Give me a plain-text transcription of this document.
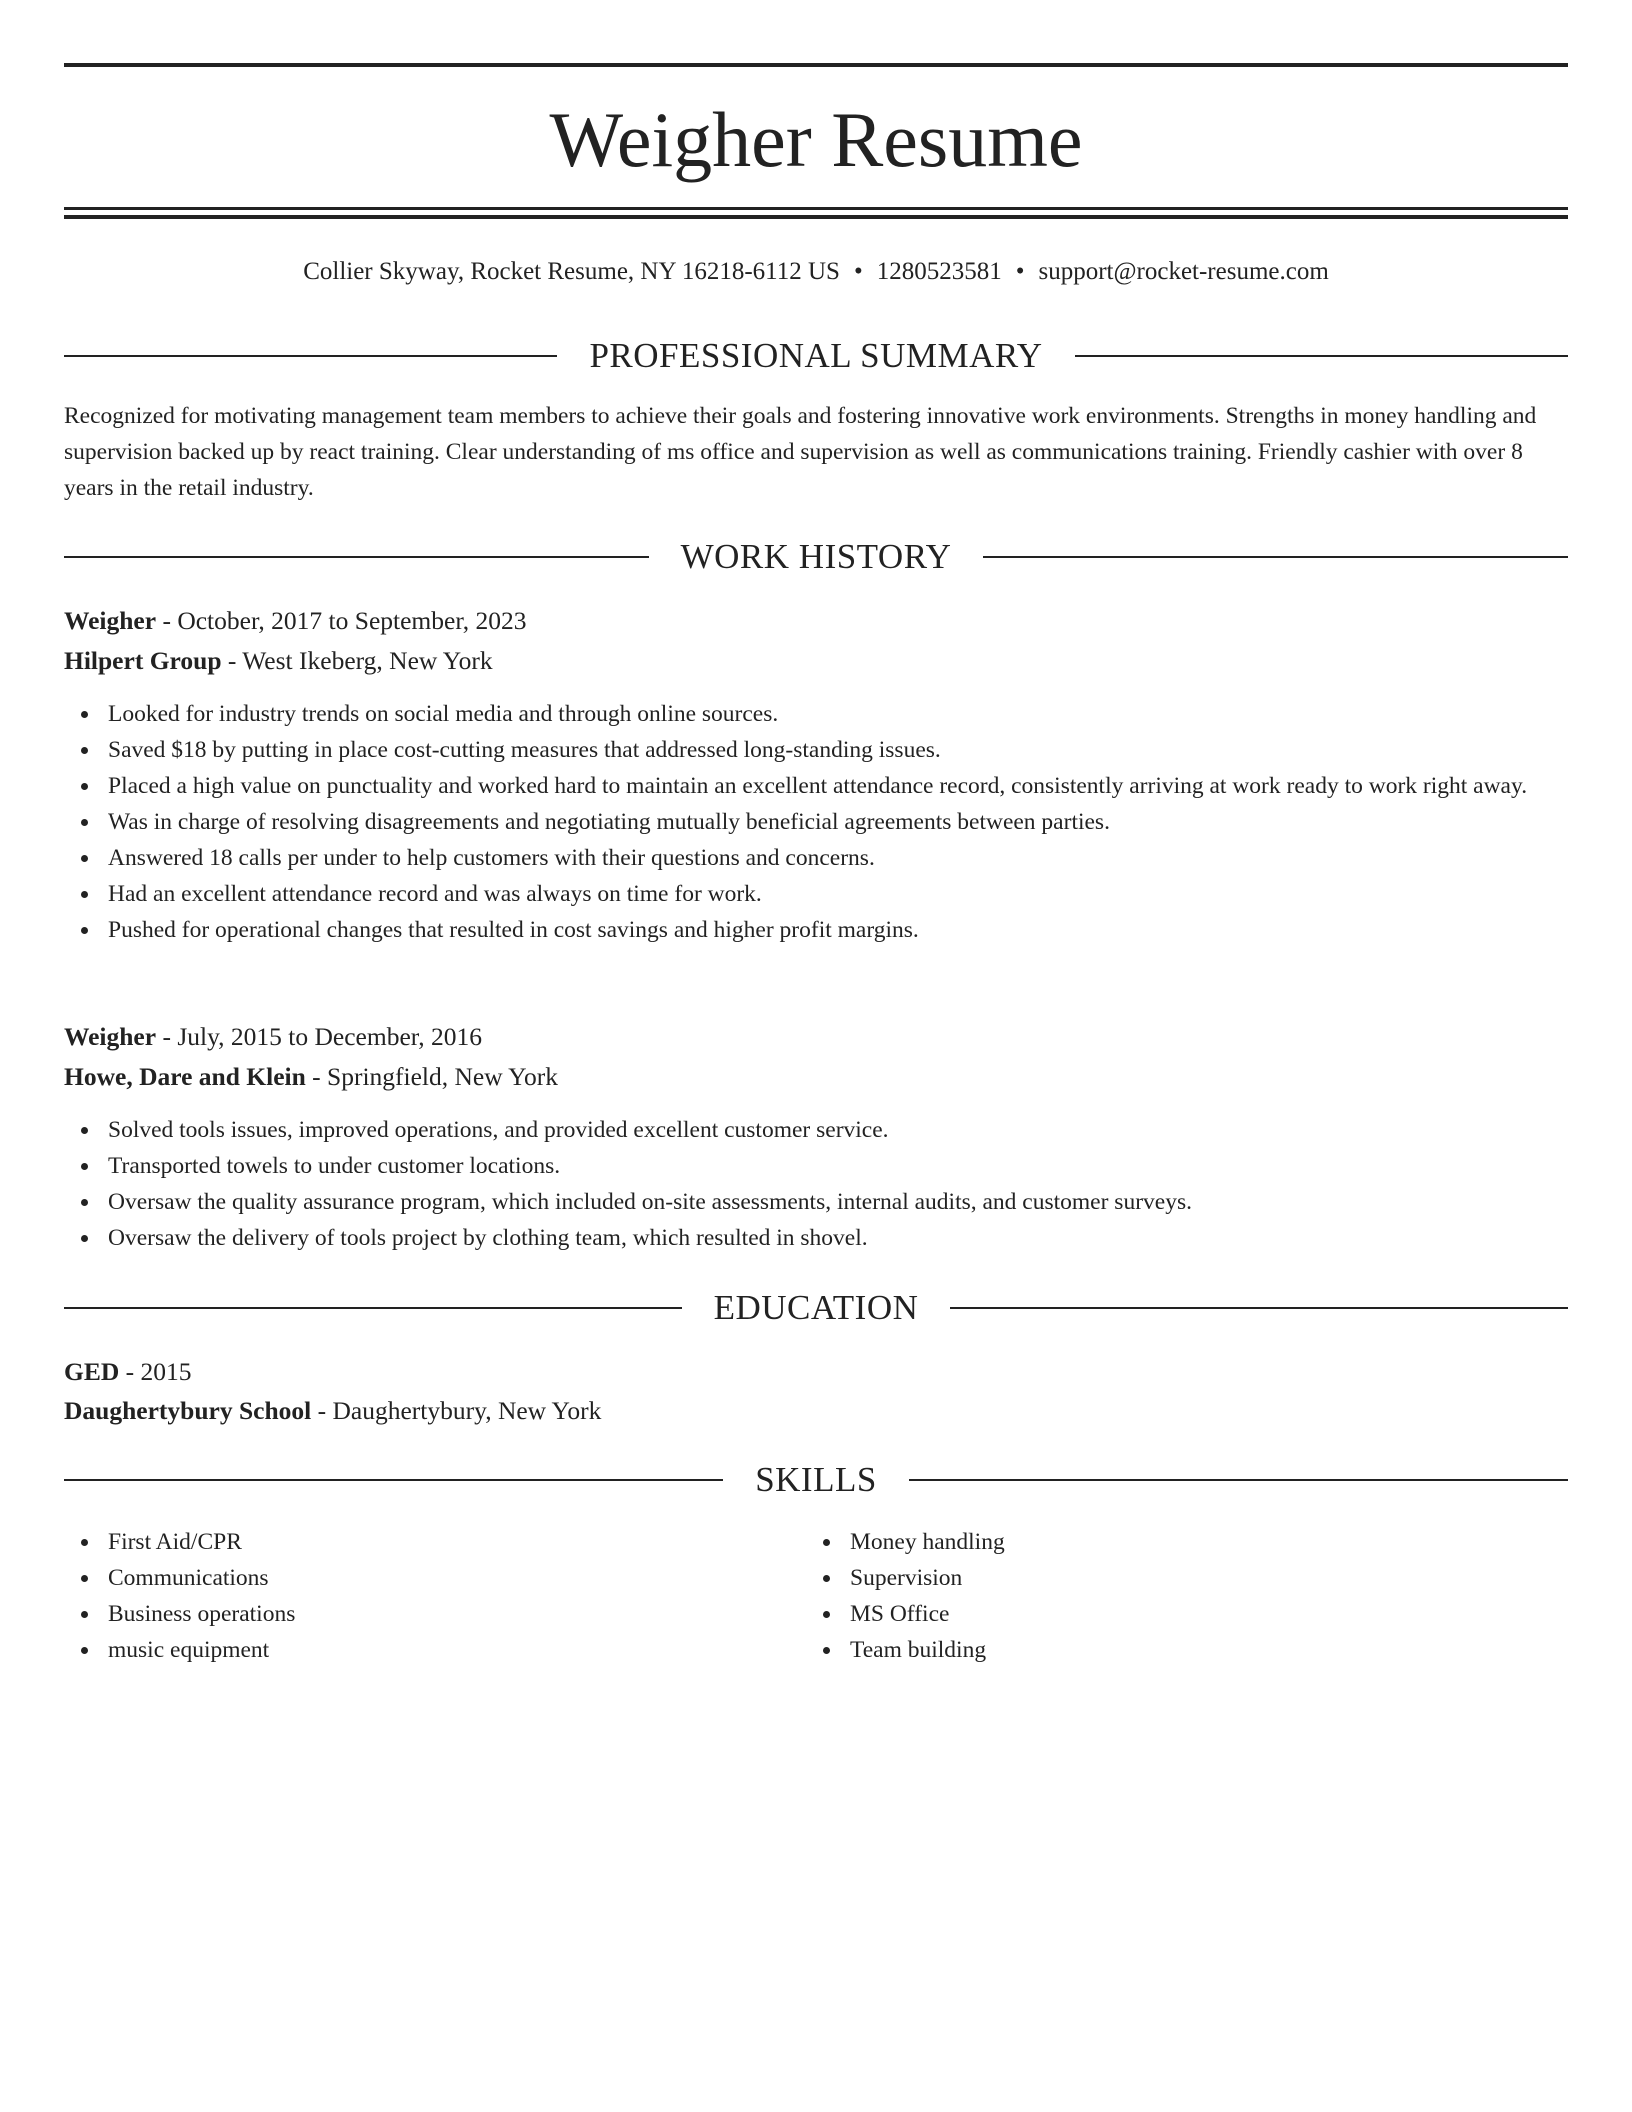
Weigher Resume
Collier Skyway, Rocket Resume, NY 16218-6112 US • 1280523581 • support@rocket-resume.com
PROFESSIONAL SUMMARY

Recognized for motivating management team members to achieve their goals and fostering innovative work environments. Strengths in money handling and supervision backed up by react training. Clear understanding of ms office and supervision as well as communications training. Friendly cashier with over 8 years in the retail industry.

WORK HISTORY
Weigher - October, 2017 to September, 2023
Hilpert Group - West Ikeberg, New York
Looked for industry trends on social media and through online sources.
Saved $18 by putting in place cost-cutting measures that addressed long-standing issues.
Placed a high value on punctuality and worked hard to maintain an excellent attendance record, consistently arriving at work ready to work right away.
Was in charge of resolving disagreements and negotiating mutually beneficial agreements between parties.
Answered 18 calls per under to help customers with their questions and concerns.
Had an excellent attendance record and was always on time for work.
Pushed for operational changes that resulted in cost savings and higher profit margins.
Weigher - July, 2015 to December, 2016
Howe, Dare and Klein - Springfield, New York
Solved tools issues, improved operations, and provided excellent customer service.
Transported towels to under customer locations.
Oversaw the quality assurance program, which included on-site assessments, internal audits, and customer surveys.
Oversaw the delivery of tools project by clothing team, which resulted in shovel.
EDUCATION
GED - 2015
Daughertybury School - Daughertybury, New York
SKILLS
First Aid/CPR
Communications
Business operations
music equipment
Money handling
Supervision
MS Office
Team building
